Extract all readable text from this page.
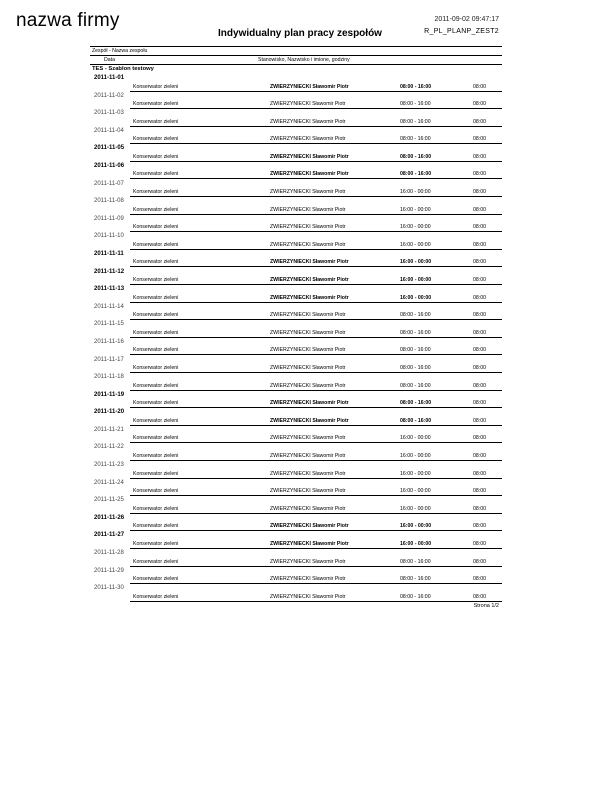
nazwa firmy
Indywidualny plan pracy zespołów
2011-09-02 09:47:17
R_PL_PLANP_ZEST2
Zespół - Nazwa zespołu
Data	Stanowisko, Nazwisko i imione, godziny
TES - Szablon testowy
2011-11-01
Konserwator zieleni	ZWIERZYNIECKI Sławomir Piotr	08:00 - 16:00	08:00
2011-11-02
Konserwator zieleni	ZWIERZYNIECKI Sławomir Piotr	08:00 - 16:00	08:00
2011-11-03
Konserwator zieleni	ZWIERZYNIECKI Sławomir Piotr	08:00 - 16:00	08:00
2011-11-04
Konserwator zieleni	ZWIERZYNIECKI Sławomir Piotr	08:00 - 16:00	08:00
2011-11-05
Konserwator zieleni	ZWIERZYNIECKI Sławomir Piotr	08:00 - 16:00	08:00
2011-11-06
Konserwator zieleni	ZWIERZYNIECKI Sławomir Piotr	08:00 - 16:00	08:00
2011-11-07
Konserwator zieleni	ZWIERZYNIECKI Sławomir Piotr	16:00 - 00:00	08:00
2011-11-08
Konserwator zieleni	ZWIERZYNIECKI Sławomir Piotr	16:00 - 00:00	08:00
2011-11-09
Konserwator zieleni	ZWIERZYNIECKI Sławomir Piotr	16:00 - 00:00	08:00
2011-11-10
Konserwator zieleni	ZWIERZYNIECKI Sławomir Piotr	16:00 - 00:00	08:00
2011-11-11
Konserwator zieleni	ZWIERZYNIECKI Sławomir Piotr	16:00 - 00:00	08:00
2011-11-12
Konserwator zieleni	ZWIERZYNIECKI Sławomir Piotr	16:00 - 00:00	08:00
2011-11-13
Konserwator zieleni	ZWIERZYNIECKI Sławomir Piotr	16:00 - 00:00	08:00
2011-11-14
Konserwator zieleni	ZWIERZYNIECKI Sławomir Piotr	08:00 - 16:00	08:00
2011-11-15
Konserwator zieleni	ZWIERZYNIECKI Sławomir Piotr	08:00 - 16:00	08:00
2011-11-16
Konserwator zieleni	ZWIERZYNIECKI Sławomir Piotr	08:00 - 16:00	08:00
2011-11-17
Konserwator zieleni	ZWIERZYNIECKI Sławomir Piotr	08:00 - 16:00	08:00
2011-11-18
Konserwator zieleni	ZWIERZYNIECKI Sławomir Piotr	08:00 - 16:00	08:00
2011-11-19
Konserwator zieleni	ZWIERZYNIECKI Sławomir Piotr	08:00 - 16:00	08:00
2011-11-20
Konserwator zieleni	ZWIERZYNIECKI Sławomir Piotr	08:00 - 16:00	08:00
2011-11-21
Konserwator zieleni	ZWIERZYNIECKI Sławomir Piotr	16:00 - 00:00	08:00
2011-11-22
Konserwator zieleni	ZWIERZYNIECKI Sławomir Piotr	16:00 - 00:00	08:00
2011-11-23
Konserwator zieleni	ZWIERZYNIECKI Sławomir Piotr	16:00 - 00:00	08:00
2011-11-24
Konserwator zieleni	ZWIERZYNIECKI Sławomir Piotr	16:00 - 00:00	08:00
2011-11-25
Konserwator zieleni	ZWIERZYNIECKI Sławomir Piotr	16:00 - 00:00	08:00
2011-11-26
Konserwator zieleni	ZWIERZYNIECKI Sławomir Piotr	16:00 - 00:00	08:00
2011-11-27
Konserwator zieleni	ZWIERZYNIECKI Sławomir Piotr	16:00 - 00:00	08:00
2011-11-28
Konserwator zieleni	ZWIERZYNIECKI Sławomir Piotr	08:00 - 16:00	08:00
2011-11-29
Konserwator zieleni	ZWIERZYNIECKI Sławomir Piotr	08:00 - 16:00	08:00
2011-11-30
Konserwator zieleni	ZWIERZYNIECKI Sławomir Piotr	08:00 - 16:00	08:00
Strona 1/2
